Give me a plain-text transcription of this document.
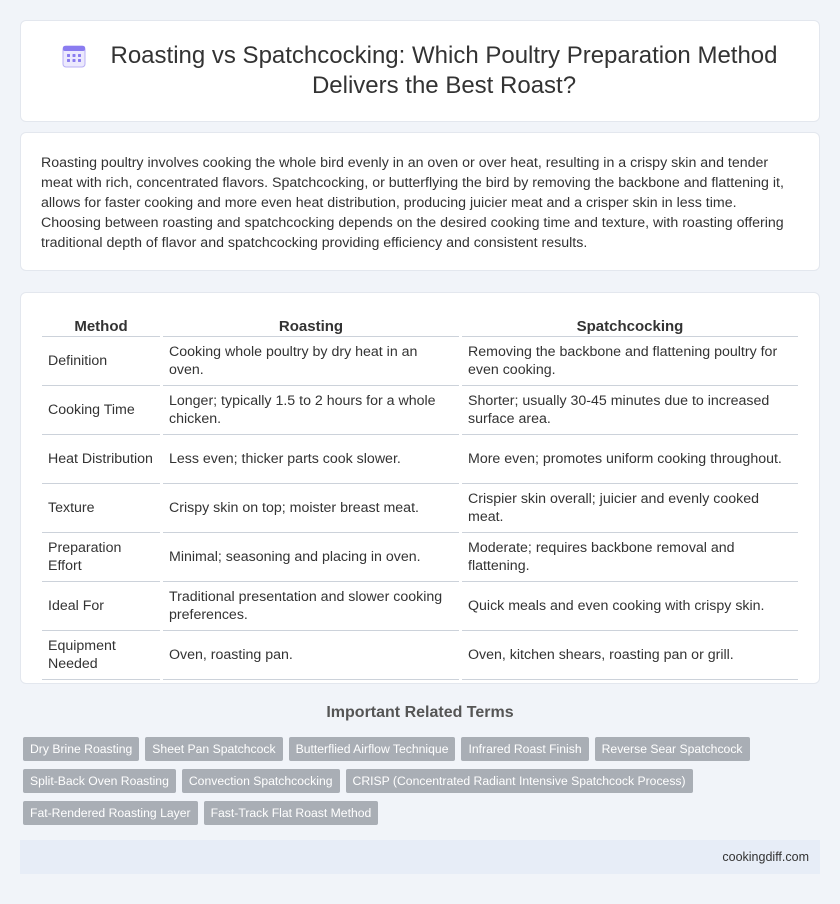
Roasting vs Spatchcocking: Which Poultry Preparation Method Delivers the Best Roast?

Roasting poultry involves cooking the whole bird evenly in an oven or over heat, resulting in a crispy skin and tender meat with rich, concentrated flavors. Spatchcocking, or butterflying the bird by removing the backbone and flattening it, allows for faster cooking and more even heat distribution, producing juicier meat and a crisper skin in less time. Choosing between roasting and spatchcocking depends on the desired cooking time and texture, with roasting offering traditional depth of flavor and spatchcocking providing efficiency and consistent results.

Method	Roasting	Spatchcocking
Definition	Cooking whole poultry by dry heat in an oven.	Removing the backbone and flattening poultry for even cooking.
Cooking Time	Longer; typically 1.5 to 2 hours for a whole chicken.	Shorter; usually 30-45 minutes due to increased surface area.
Heat Distribution	Less even; thicker parts cook slower.	More even; promotes uniform cooking throughout.
Texture	Crispy skin on top; moister breast meat.	Crispier skin overall; juicier and evenly cooked meat.
Preparation Effort	Minimal; seasoning and placing in oven.	Moderate; requires backbone removal and flattening.
Ideal For	Traditional presentation and slower cooking preferences.	Quick meals and even cooking with crispy skin.
Equipment Needed	Oven, roasting pan.	Oven, kitchen shears, roasting pan or grill.
Important Related Terms
Dry Brine Roasting	Sheet Pan Spatchcock	Butterflied Airflow Technique	Infrared Roast Finish	Reverse Sear Spatchcock
Split-Back Oven Roasting	Convection Spatchcocking	CRISP (Concentrated Radiant Intensive Spatchcock Process)
Fat-Rendered Roasting Layer	Fast-Track Flat Roast Method
cookingdiff.com
